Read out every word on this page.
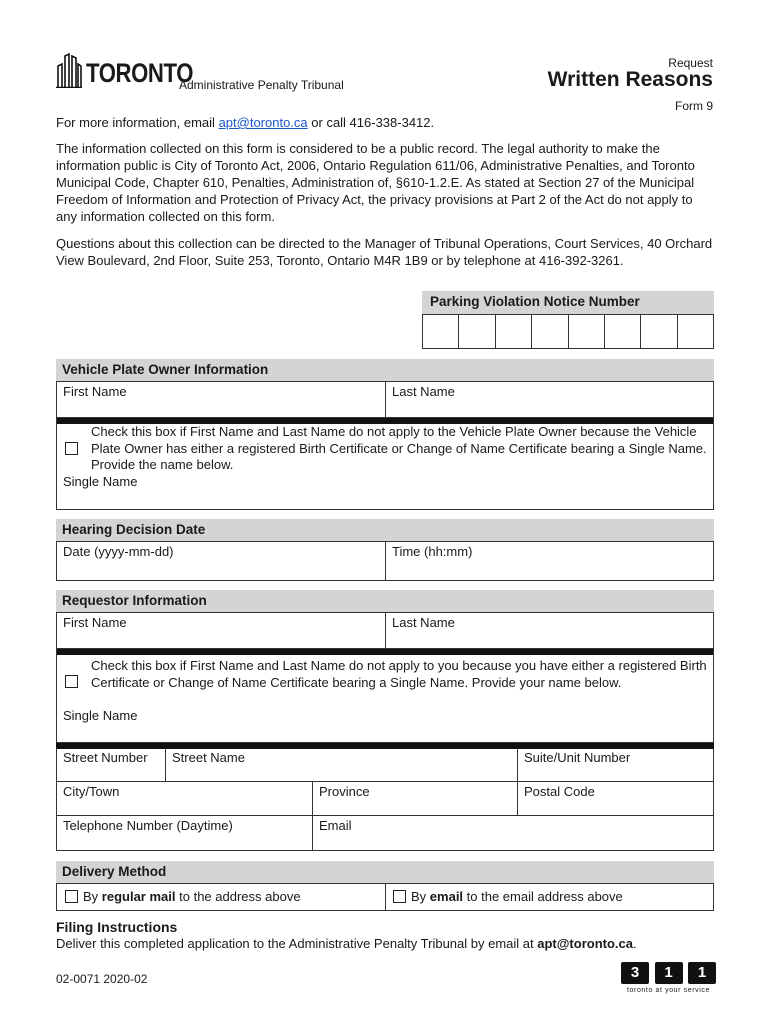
TORONTO
Administrative Penalty Tribunal
Request
Written Reasons
Form 9
For more information, email apt@toronto.ca or call 416-338-3412.
The information collected on this form is considered to be a public record. The legal authority to make the information public is City of Toronto Act, 2006, Ontario Regulation 611/06, Administrative Penalties, and Toronto Municipal Code, Chapter 610, Penalties, Administration of, §610-1.2.E. As stated at Section 27 of the Municipal Freedom of Information and Protection of Privacy Act, the privacy provisions at Part 2 of the Act do not apply to any information collected on this form.
Questions about this collection can be directed to the Manager of Tribunal Operations, Court Services, 40 Orchard View Boulevard, 2nd Floor, Suite 253, Toronto, Ontario M4R 1B9 or by telephone at 416-392-3261.
Parking Violation Notice Number
Vehicle Plate Owner Information
First Name	Last Name
Check this box if First Name and Last Name do not apply to the Vehicle Plate Owner because the Vehicle Plate Owner has either a registered Birth Certificate or Change of Name Certificate bearing a Single Name. Provide the name below.
Single Name
Hearing Decision Date
Date (yyyy-mm-dd)	Time (hh:mm)
Requestor Information
First Name	Last Name
Check this box if First Name and Last Name do not apply to you because you have either a registered Birth Certificate or Change of Name Certificate bearing a Single Name. Provide your name below.
Single Name
Street Number	Street Name	Suite/Unit Number
City/Town	Province	Postal Code
Telephone Number (Daytime)	Email
Delivery Method
By
regular mail
to the address above	By
email
to the email address above
Filing Instructions
Deliver this completed application to the Administrative Penalty Tribunal by email at apt@toronto.ca.
02-0071 2020-02	3	1	1
toronto at your service
